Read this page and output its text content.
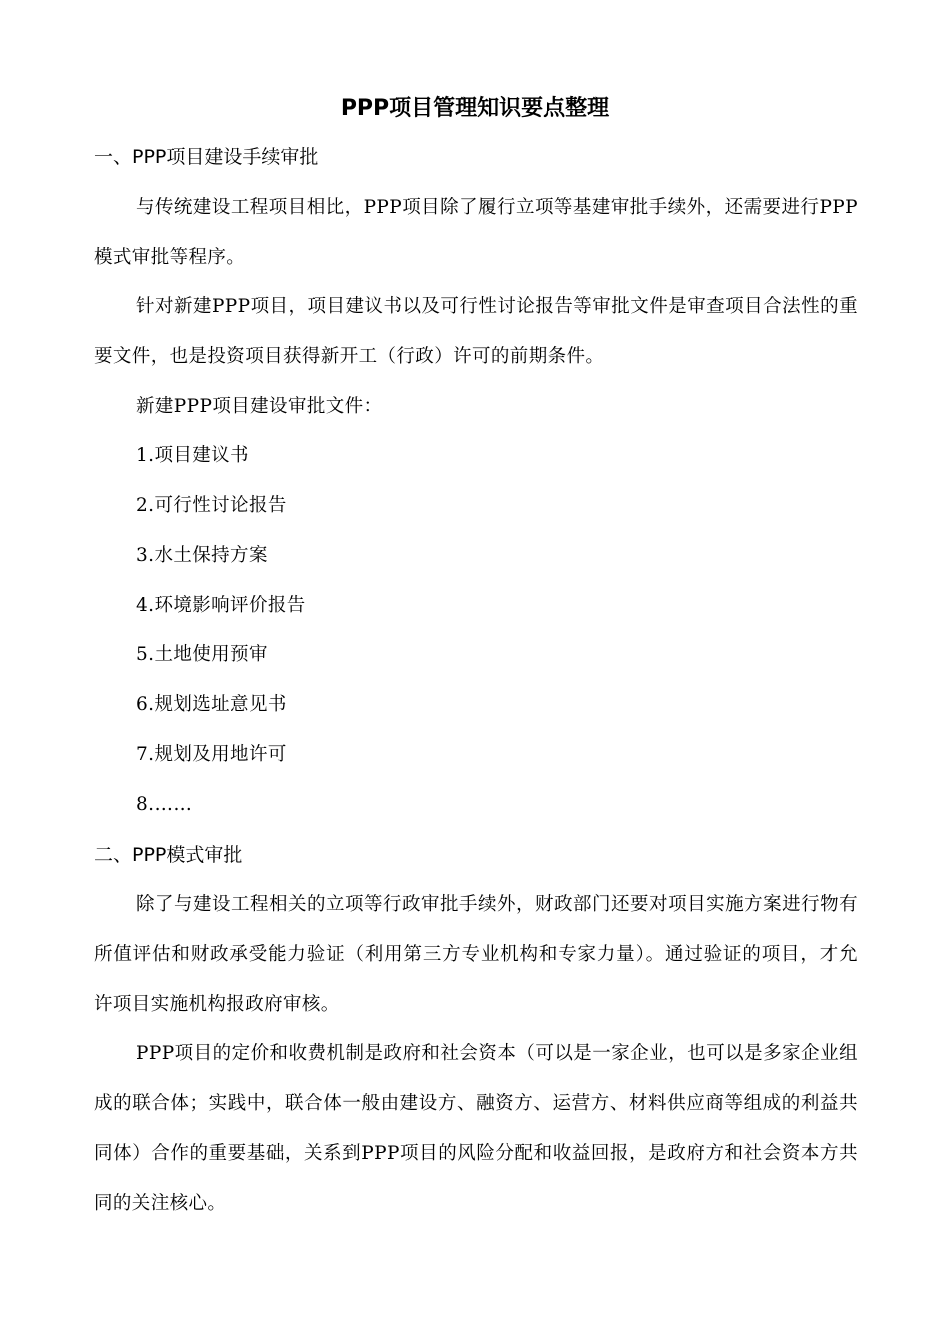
PPP项目管理知识要点整理
一、PPP项目建设手续审批

与传统建设工程项目相比，PPP项目除了履行立项等基建审批手续外，还需要进行PPP模式审批等程序。

针对新建PPP项目，项目建议书以及可行性讨论报告等审批文件是审查项目合法性的重要文件，也是投资项目获得新开工（行政）许可的前期条件。

新建PPP项目建设审批文件：
1.项目建议书
2.可行性讨论报告
3.水土保持方案
4.环境影响评价报告
5.土地使用预审
6.规划选址意见书
7.规划及用地许可
8.……
二、PPP模式审批

除了与建设工程相关的立项等行政审批手续外，财政部门还要对项目实施方案进行物有所值评估和财政承受能力验证（利用第三方专业机构和专家力量）。通过验证的项目，才允许项目实施机构报政府审核。

PPP项目的定价和收费机制是政府和社会资本（可以是一家企业，也可以是多家企业组成的联合体；实践中，联合体一般由建设方、融资方、运营方、材料供应商等组成的利益共同体）合作的重要基础，关系到PPP项目的风险分配和收益回报，是政府方和社会资本方共同的关注核心。
